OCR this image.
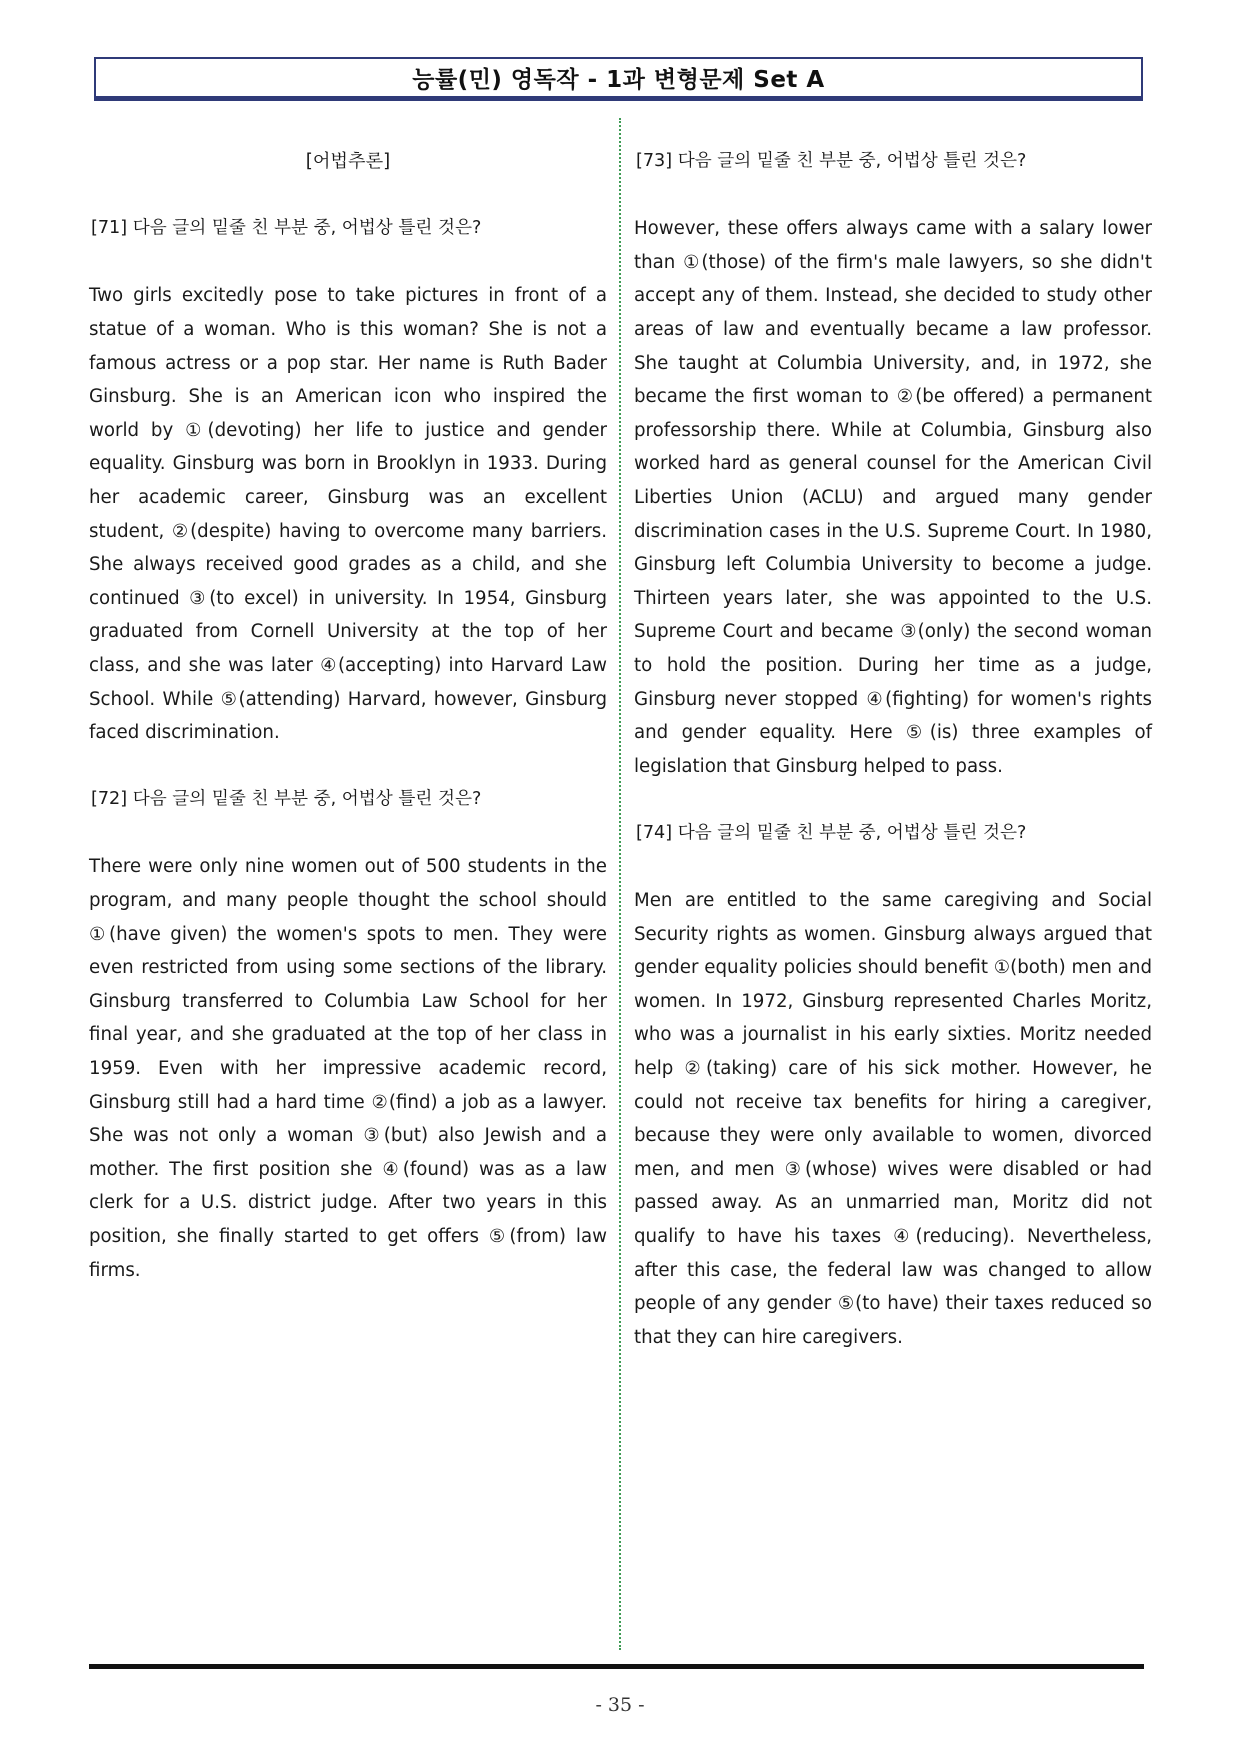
능률(민) 영독작 - 1과 변형문제 Set A
[어법추론]
[71] 다음 글의 밑줄 친 부분 중, 어법상 틀린 것은?
Two girls excitedly pose to take pictures in front of a statue of a woman. Who is this woman? She is not a famous actress or a pop star. Her name is Ruth Bader Ginsburg. She is an American icon who inspired the world by ①(devoting) her life to justice and gender equality. Ginsburg was born in Brooklyn in 1933. During her academic career, Ginsburg was an excellent student, ②(despite) having to overcome many barriers. She always received good grades as a child, and she continued ③(to excel) in university. In 1954, Ginsburg graduated from Cornell University at the top of her class, and she was later ④(accepting) into Harvard Law School. While ⑤(attending) Harvard, however, Ginsburg faced discrimination.
[72] 다음 글의 밑줄 친 부분 중, 어법상 틀린 것은?
There were only nine women out of 500 students in the program, and many people thought the school should ①(have given) the women's spots to men. They were even restricted from using some sections of the library. Ginsburg transferred to Columbia Law School for her final year, and she graduated at the top of her class in 1959. Even with her impressive academic record, Ginsburg still had a hard time ②(find) a job as a lawyer. She was not only a woman ③(but) also Jewish and a mother. The first position she ④(found) was as a law clerk for a U.S. district judge. After two years in this position, she finally started to get offers ⑤(from) law firms.
[73] 다음 글의 밑줄 친 부분 중, 어법상 틀린 것은?
However, these offers always came with a salary lower than ①(those) of the firm's male lawyers, so she didn't accept any of them. Instead, she decided to study other areas of law and eventually became a law professor. She taught at Columbia University, and, in 1972, she became the first woman to ②(be offered) a permanent professorship there. While at Columbia, Ginsburg also worked hard as general counsel for the American Civil Liberties Union (ACLU) and argued many gender discrimination cases in the U.S. Supreme Court. In 1980, Ginsburg left Columbia University to become a judge. Thirteen years later, she was appointed to the U.S. Supreme Court and became ③(only) the second woman to hold the position. During her time as a judge, Ginsburg never stopped ④(fighting) for women's rights and gender equality. Here ⑤(is) three examples of legislation that Ginsburg helped to pass.
[74] 다음 글의 밑줄 친 부분 중, 어법상 틀린 것은?
Men are entitled to the same caregiving and Social Security rights as women. Ginsburg always argued that gender equality policies should benefit ①(both) men and women. In 1972, Ginsburg represented Charles Moritz, who was a journalist in his early sixties. Moritz needed help ②(taking) care of his sick mother. However, he could not receive tax benefits for hiring a caregiver, because they were only available to women, divorced men, and men ③(whose) wives were disabled or had passed away. As an unmarried man, Moritz did not qualify to have his taxes ④(reducing). Nevertheless, after this case, the federal law was changed to allow people of any gender ⑤(to have) their taxes reduced so that they can hire caregivers.
- 35 -
